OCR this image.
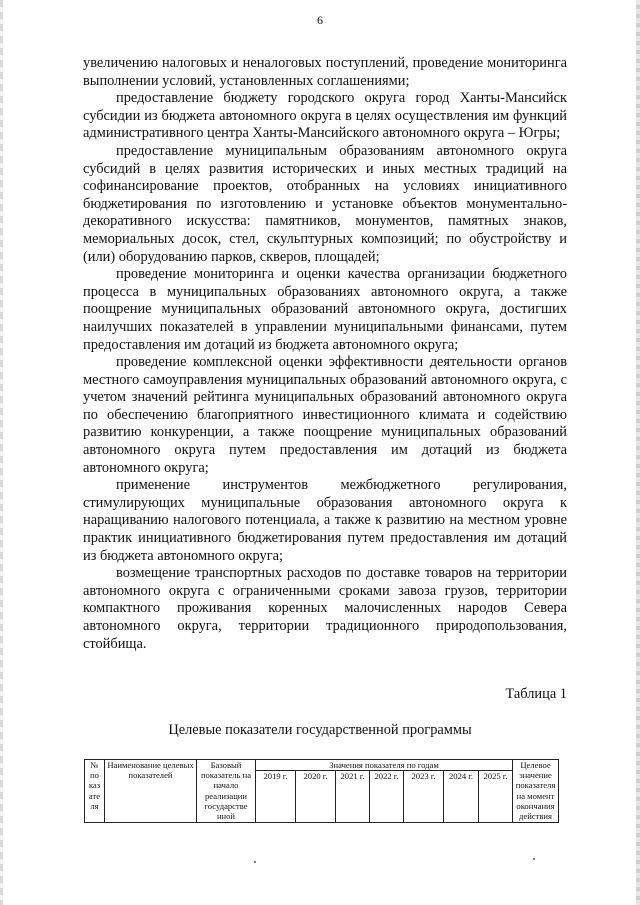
6

увеличению налоговых и неналоговых поступлений, проведение мониторинга выполнении условий, установленных соглашениями;

предоставление бюджету городского округа город Ханты-Мансийск субсидии из бюджета автономного округа в целях осуществления им функций административного центра Ханты-Мансийского автономного округа – Югры;

предоставление муниципальным образованиям автономного округа субсидий в целях развития исторических и иных местных традиций на софинансирование проектов, отобранных на условиях инициативного бюджетирования по изготовлению и установке объектов монументально-декоративного искусства: памятников, монументов, памятных знаков, мемориальных досок, стел, скульптурных композиций; по обустройству и (или) оборудованию парков, скверов, площадей;

проведение мониторинга и оценки качества организации бюджетного процесса в муниципальных образованиях автономного округа, а также поощрение муниципальных образований автономного округа, достигших наилучших показателей в управлении муниципальными финансами, путем предоставления им дотаций из бюджета автономного округа;

проведение комплексной оценки эффективности деятельности органов местного самоуправления муниципальных образований автономного округа, с учетом значений рейтинга муниципальных образований автономного округа по обеспечению благоприятного инвестиционного климата и содействию развитию конкуренции, а также поощрение муниципальных образований автономного округа путем предоставления им дотаций из бюджета автономного округа;

применение инструментов межбюджетного регулирования, стимулирующих муниципальные образования автономного округа к наращиванию налогового потенциала, а также к развитию на местном уровне практик инициативного бюджетирования путем предоставления им дотаций из бюджета автономного округа;

возмещение транспортных расходов по доставке товаров на территории автономного округа с ограниченными сроками завоза грузов, территории компактного проживания коренных малочисленных народов Севера автономного округа, территории традиционного природопользования, стойбища.

Таблица 1
Целевые показатели государственной программы
№ по каз ате ля	Наименование целевых показателей	Базовый показатель на начало реализации государстве нной	Значения показателя по годам							Целевое значение показателя на момент окончания действия
			2019 г.	2020 г.	2021 г.	2022 г.	2023 г.	2024 г.	2025 г.	
